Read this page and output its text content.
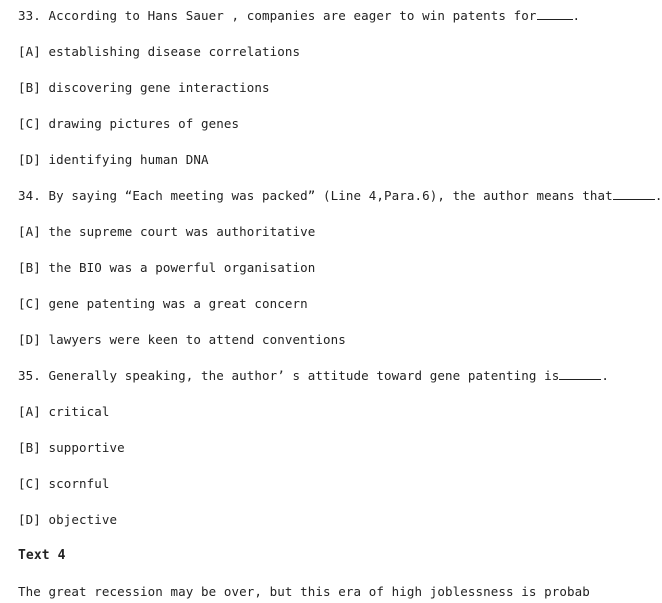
33. According to Hans Sauer , companies are eager to win patents for	.
[A] establishing disease correlations
[B] discovering gene interactions
[C] drawing pictures of genes
[D] identifying human DNA
34. By saying “Each meeting was packed” (Line 4,Para.6), the author means that	.
[A] the supreme court was authoritative
[B] the BIO was a powerful organisation
[C] gene patenting was a great concern
[D] lawyers were keen to attend conventions
35. Generally speaking, the author’ s attitude toward gene patenting is	.
[A] critical
[B] supportive
[C] scornful
[D] objective
Text 4
The great recession may be over, but this era of high joblessness is probab
